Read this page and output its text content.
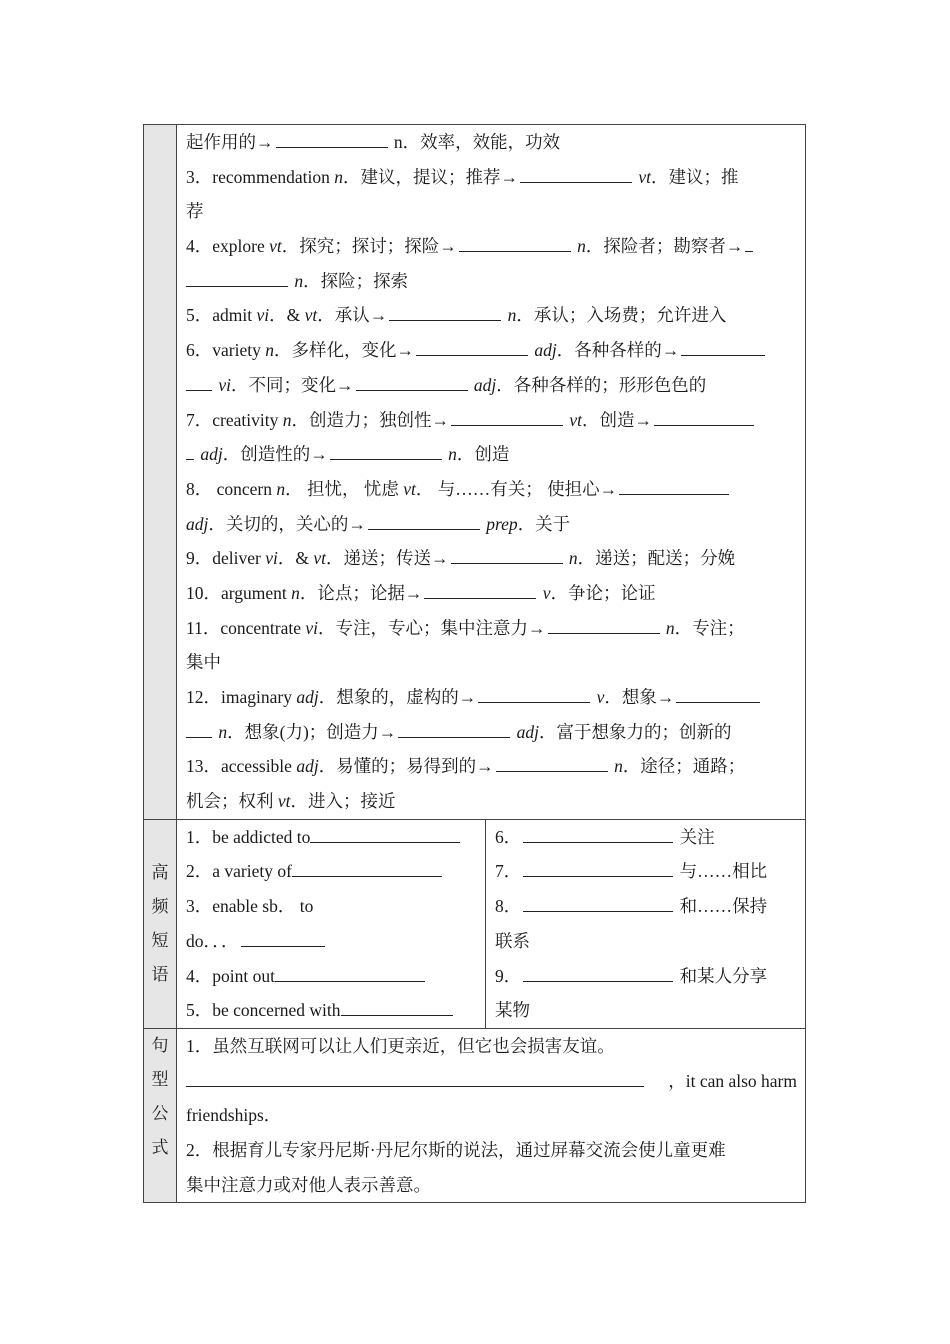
起作用的→	n．效率，效能，功效
3．recommendation n．建议，提议；推荐→	vt．建议；推
荐
4．explore vt．探究；探讨；探险→	n．探险者；勘察者→
n．探险；探索
5．admit vi．& vt．承认→	n．承认；入场费；允许进入
6．variety n．多样化，变化→	adj．各种各样的→
vi．不同；变化→	adj．各种各样的；形形色色的
7．creativity n．创造力；独创性→	vt．创造→
adj．创造性的→	n．创造
8． concern n． 担忧， 忧虑 vt． 与……有关； 使担心→
adj．关切的，关心的→	prep．关于
9．deliver vi．& vt．递送；传送→	n．递送；配送；分娩
10．argument n．论点；论据→	v．争论；论证
11．concentrate vi．专注，专心；集中注意力→	n．专注；
集中
12．imaginary adj．想象的，虚构的→	v．想象→
n．想象(力)；创造力→	adj．富于想象力的；创新的
13．accessible adj．易懂的；易得到的→	n．途径；通路；
机会；权利 vt．进入；接近
高
频
短
语
1．be addicted to
2．a variety of
3．enable sb． to
do．．．
4．point out
5．be concerned with
6．	关注
7．	与……相比
8．	和……保持
联系
9．	和某人分享
某物
句
型
公
式
1．虽然互联网可以让人们更亲近，但它也会损害友谊。
，it can also harm
friendships．
2．根据育儿专家丹尼斯·丹尼尔斯的说法，通过屏幕交流会使儿童更难
集中注意力或对他人表示善意。
